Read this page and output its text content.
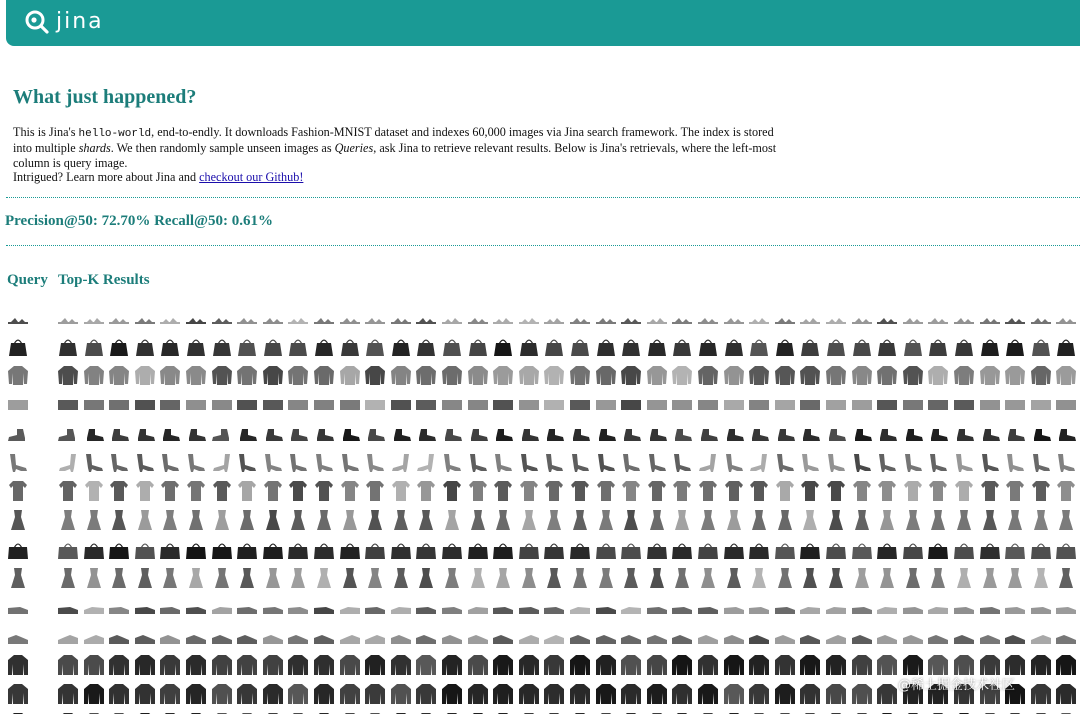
jina
What just happened?

This is Jina's hello-world, end-to-endly. It downloads Fashion-MNIST dataset and indexes 60,000 images via Jina search framework. The index is stored into multiple shards. We then randomly sample unseen images as Queries, ask Jina to retrieve relevant results. Below is Jina's retrievals, where the left-most column is query image.
Intrigued? Learn more about Jina and checkout our Github!

Precision@50: 72.70% Recall@50: 0.61%
Query Top-K Results
@稀土掘金技术社区
